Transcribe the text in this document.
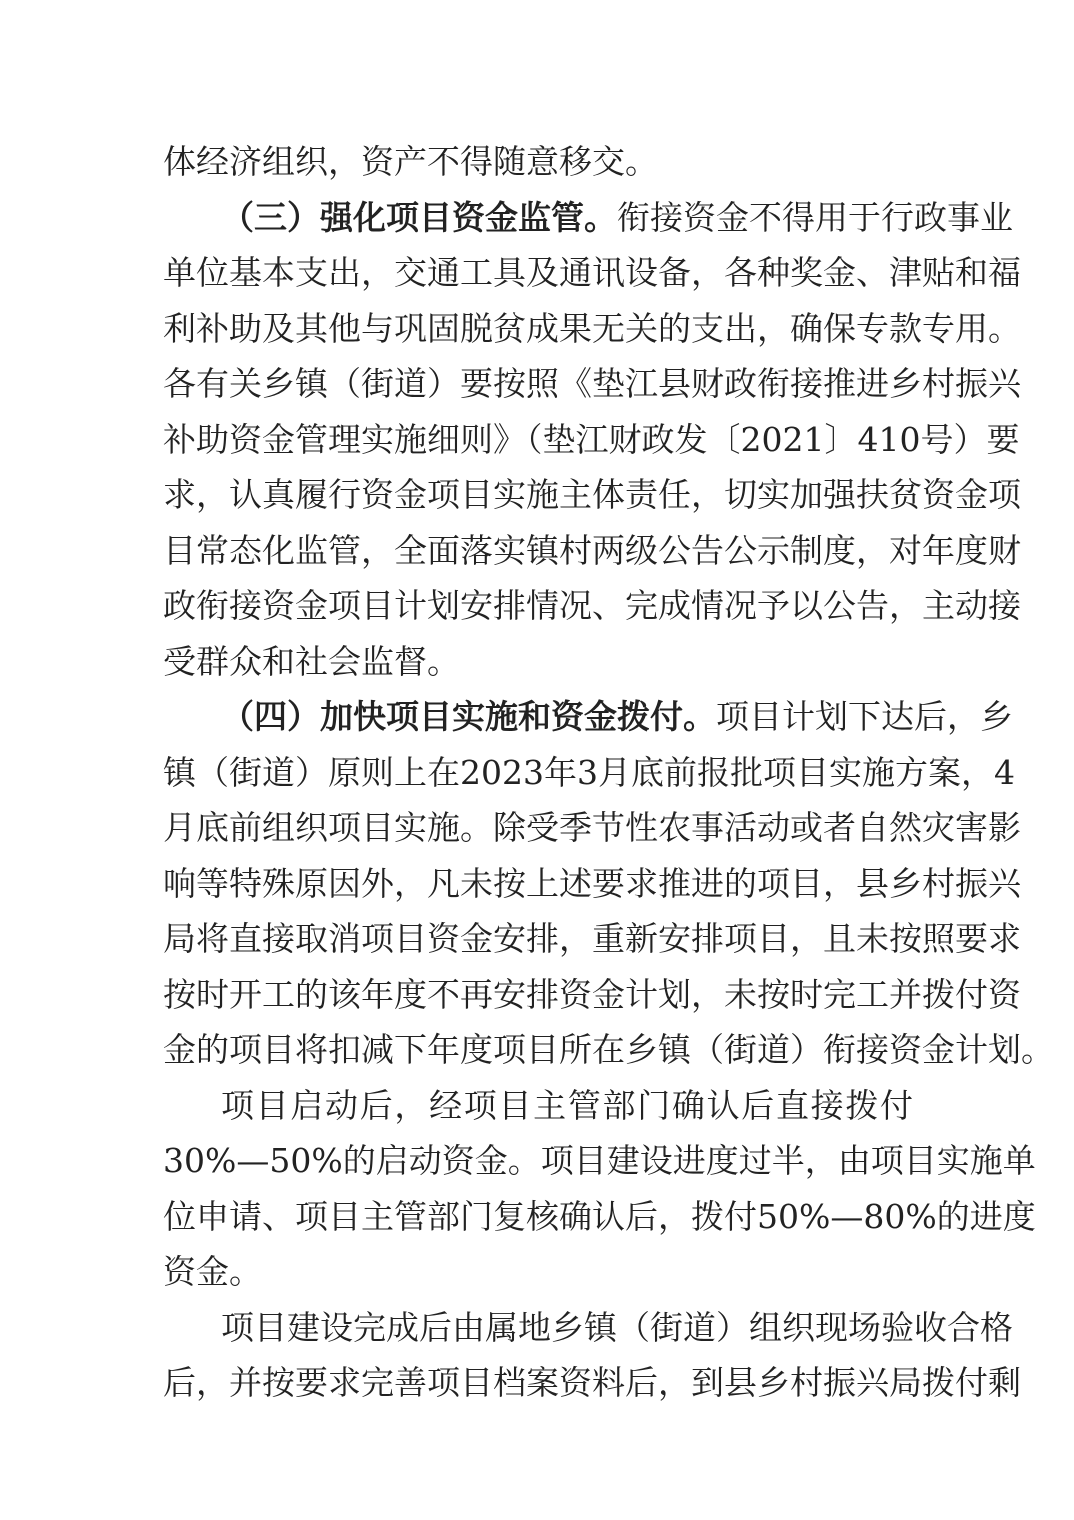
体经济组织，资产不得随意移交。
（三）强化项目资金监管。衔接资金不得用于行政事业
单位基本支出，交通工具及通讯设备，各种奖金、津贴和福
利补助及其他与巩固脱贫成果无关的支出，确保专款专用。
各有关乡镇（街道）要按照《垫江县财政衔接推进乡村振兴
补助资金管理实施细则》（垫江财政发〔2021〕410号）要
求，认真履行资金项目实施主体责任，切实加强扶贫资金项
目常态化监管，全面落实镇村两级公告公示制度，对年度财
政衔接资金项目计划安排情况、完成情况予以公告，主动接
受群众和社会监督。
（四）加快项目实施和资金拨付。项目计划下达后，乡
镇（街道）原则上在2023年3月底前报批项目实施方案，4
月底前组织项目实施。除受季节性农事活动或者自然灾害影
响等特殊原因外，凡未按上述要求推进的项目，县乡村振兴
局将直接取消项目资金安排，重新安排项目，且未按照要求
按时开工的该年度不再安排资金计划，未按时完工并拨付资
金的项目将扣减下年度项目所在乡镇（街道）衔接资金计划。
项目启动后，经项目主管部门确认后直接拨付
30%—50%的启动资金。项目建设进度过半，由项目实施单
位申请、项目主管部门复核确认后，拨付50%—80%的进度
资金。
项目建设完成后由属地乡镇（街道）组织现场验收合格
后，并按要求完善项目档案资料后，到县乡村振兴局拨付剩
